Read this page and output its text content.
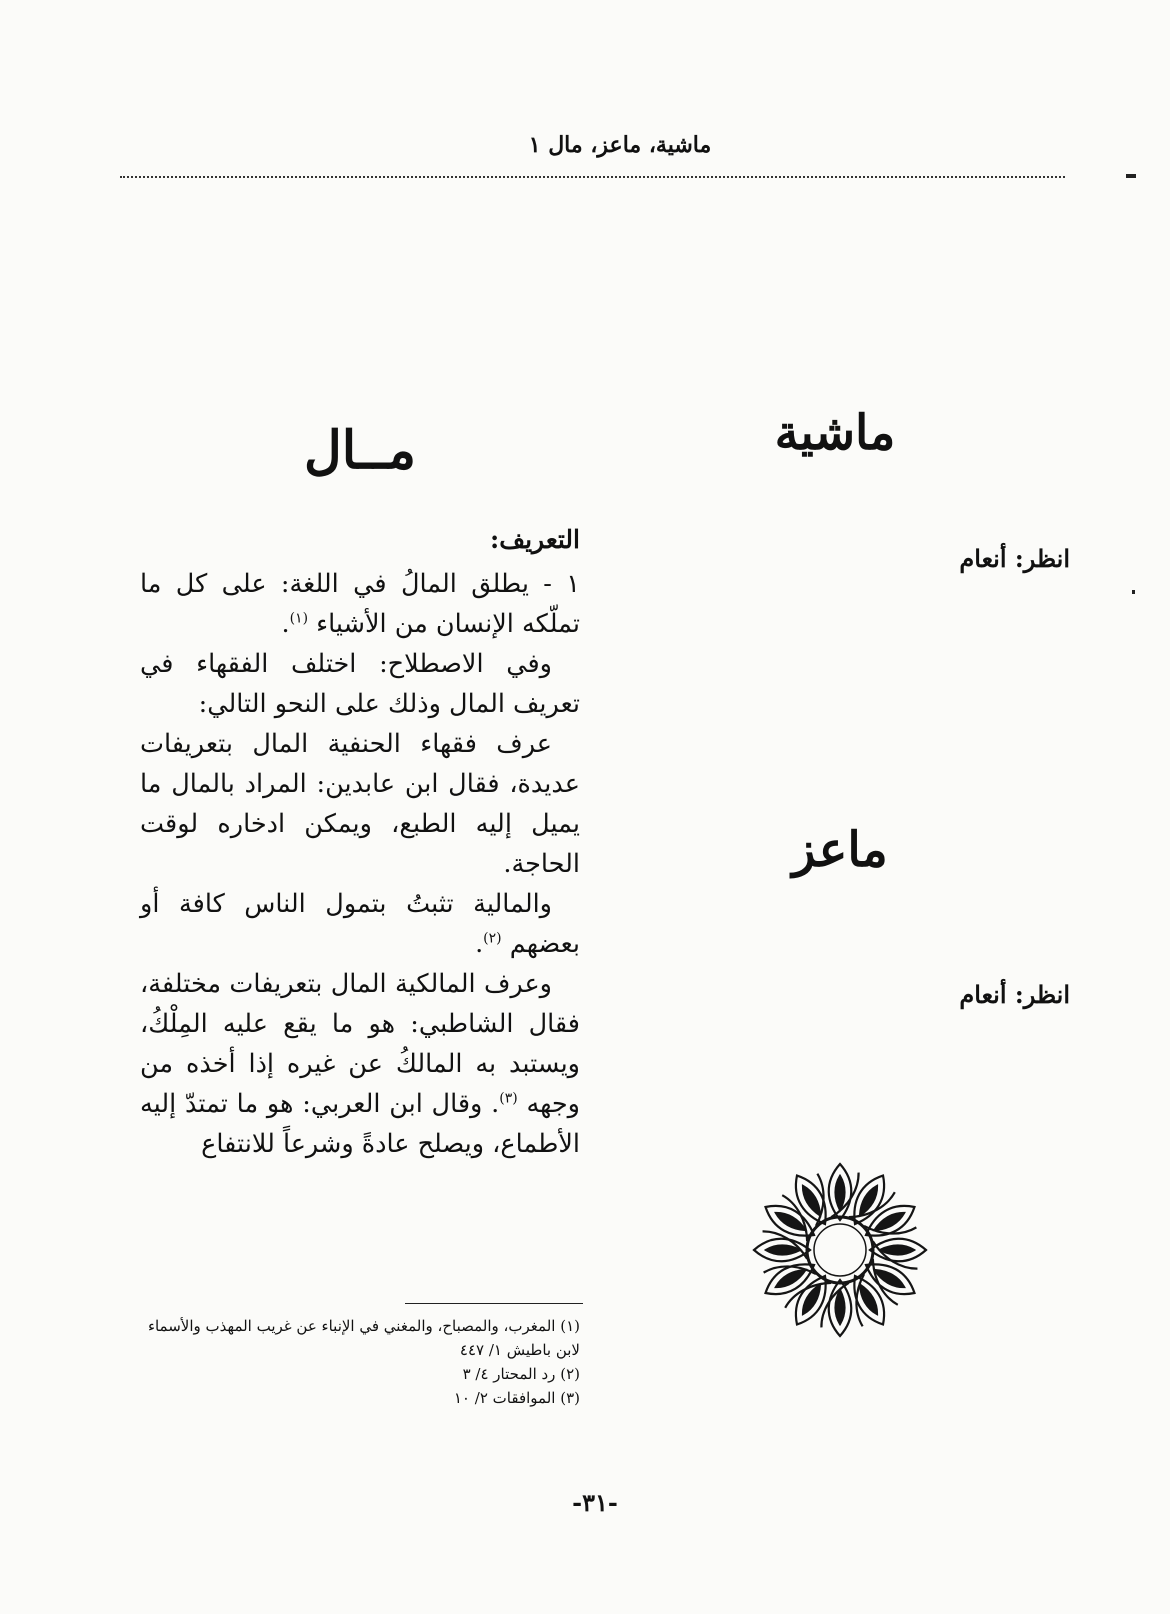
ماشية، ماعز، مال ١
ماشية
انظر: أنعام
ماعز
انظر: أنعام
مــال
التعريف:

١ - يطلق المالُ في اللغة: على كل ما تملّكه الإنسان من الأشياء $^{(١)}$.

وفي الاصطلاح: اختلف الفقهاء في تعريف المال وذلك على النحو التالي:

عرف فقهاء الحنفية المال بتعريفات عديدة، فقال ابن عابدين: المراد بالمال ما يميل إليه الطبع، ويمكن ادخاره لوقت الحاجة.

والمالية تثبتُ بتمول الناس كافة أو بعضهم $^{(٢)}$.

وعرف المالكية المال بتعريفات مختلفة، فقال الشاطبي: هو ما يقع عليه المِلْكُ، ويستبد به المالكُ عن غيره إذا أخذه من وجهه $^{(٣)}$. وقال ابن العربي: هو ما تمتدّ إليه الأطماع، ويصلح عادةً وشرعاً للانتفاع

(١) المغرب، والمصباح، والمغني في الإنباء عن غريب المهذب والأسماء لابن باطيش ١/ ٤٤٧

(٢) رد المحتار ٤/ ٣

(٣) الموافقات ٢/ ١٠

-٣١-
